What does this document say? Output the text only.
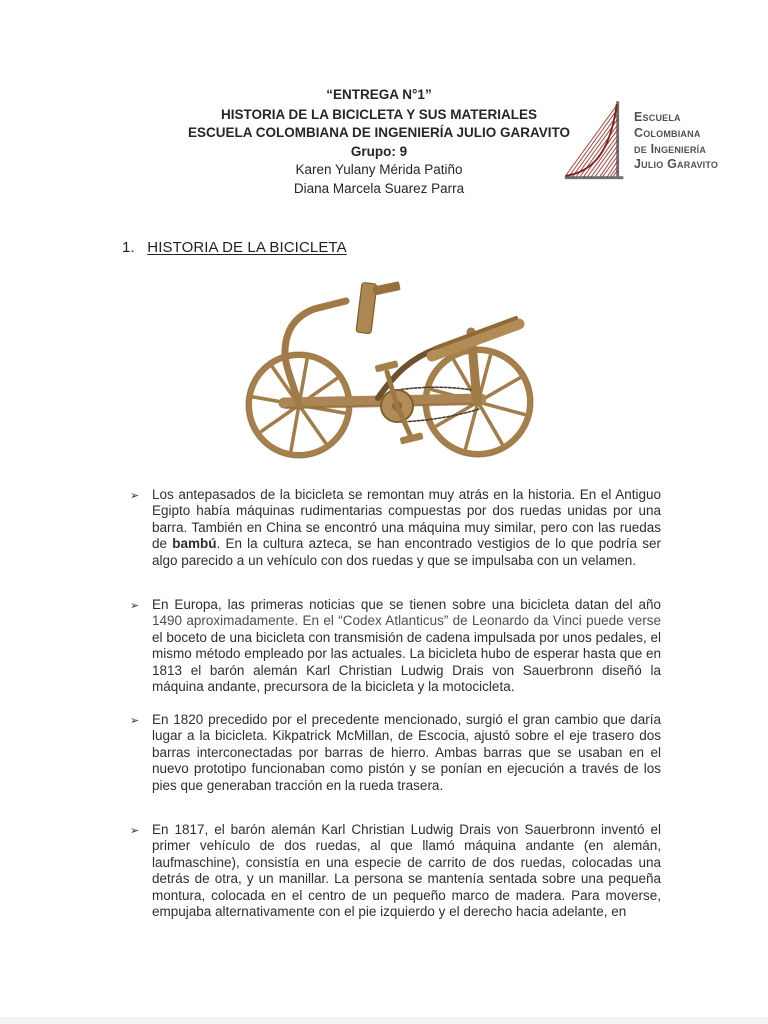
“ENTREGA N°1”
HISTORIA DE LA BICICLETA Y SUS MATERIALES
ESCUELA COLOMBIANA DE INGENIERÍA JULIO GARAVITO
Grupo: 9
Karen Yulany Mérida Patiño
Diana Marcela Suarez Parra
Escuela
Colombiana
de Ingeniería
Julio Garavito
1. HISTORIA DE LA BICICLETA
➢ Los antepasados de la bicicleta se remontan muy atrás en la historia. En el Antiguo Egipto había máquinas rudimentarias compuestas por dos ruedas unidas por una barra. También en China se encontró una máquina muy similar, pero con las ruedas de bambú. En la cultura azteca, se han encontrado vestigios de lo que podría ser algo parecido a un vehículo con dos ruedas y que se impulsaba con un velamen.
➢ En Europa, las primeras noticias que se tienen sobre una bicicleta datan del año 1490 aproximadamente. En el “Codex Atlanticus” de Leonardo da Vinci puede verse el boceto de una bicicleta con transmisión de cadena impulsada por unos pedales, el mismo método empleado por las actuales. La bicicleta hubo de esperar hasta que en 1813 el barón alemán Karl Christian Ludwig Drais von Sauerbronn diseñó la máquina andante, precursora de la bicicleta y la motocicleta.
➢ En 1820 precedido por el precedente mencionado, surgió el gran cambio que daría lugar a la bicicleta. Kikpatrick McMillan, de Escocia, ajustó sobre el eje trasero dos barras interconectadas por barras de hierro. Ambas barras que se usaban en el nuevo prototipo funcionaban como pistón y se ponían en ejecución a través de los pies que generaban tracción en la rueda trasera.
➢ En 1817, el barón alemán Karl Christian Ludwig Drais von Sauerbronn inventó el primer vehículo de dos ruedas, al que llamó máquina andante (en alemán, laufmaschine), consistía en una especie de carrito de dos ruedas, colocadas una detrás de otra, y un manillar. La persona se mantenía sentada sobre una pequeña montura, colocada en el centro de un pequeño marco de madera. Para moverse, empujaba alternativamente con el pie izquierdo y el derecho hacia adelante, en
